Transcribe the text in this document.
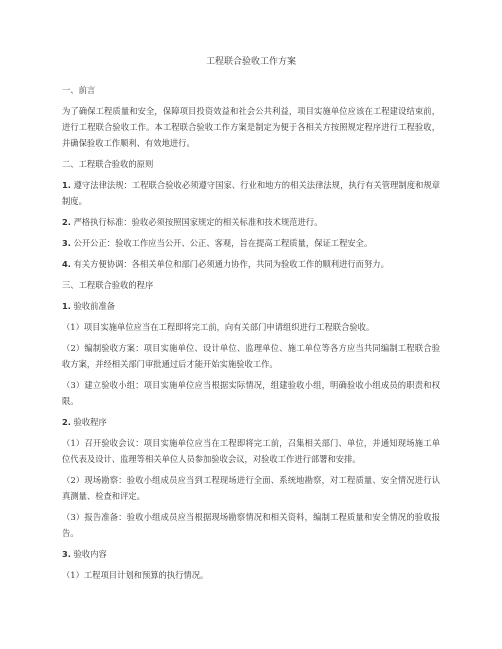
工程联合验收工作方案
一、前言
为了确保工程质量和安全，保障项目投资效益和社会公共利益，项目实施单位应该在工程建设结束前，进行工程联合验收工作。本工程联合验收工作方案是制定为便于各相关方按照规定程序进行工程验收，并确保验收工作顺利、有效地进行。
二、工程联合验收的原则
1. 遵守法律法规：工程联合验收必须遵守国家、行业和地方的相关法律法规，执行有关管理制度和规章制度。
2. 严格执行标准：验收必须按照国家规定的相关标准和技术规范进行。
3. 公开公正：验收工作应当公开、公正、客观，旨在提高工程质量，保证工程安全。
4. 有关方便协调：各相关单位和部门必须通力协作，共同为验收工作的顺利进行而努力。
三、工程联合验收的程序
1. 验收前准备
（1）项目实施单位应当在工程即将完工前，向有关部门申请组织进行工程联合验收。
（2）编制验收方案：项目实施单位、设计单位、监理单位、施工单位等各方应当共同编制工程联合验收方案，并经相关部门审批通过后才能开始实施验收工作。
（3）建立验收小组：项目实施单位应当根据实际情况，组建验收小组，明确验收小组成员的职责和权限。
2. 验收程序
（1）召开验收会议：项目实施单位应当在工程即将完工前，召集相关部门、单位，并通知现场施工单位代表及设计、监理等相关单位人员参加验收会议，对验收工作进行部署和安排。
（2）现场勘察：验收小组成员应当到工程现场进行全面、系统地勘察，对工程质量、安全情况进行认真测量、检查和评定。
（3）报告准备：验收小组成员应当根据现场勘察情况和相关资料，编制工程质量和安全情况的验收报告。
3. 验收内容
（1）工程项目计划和预算的执行情况。
